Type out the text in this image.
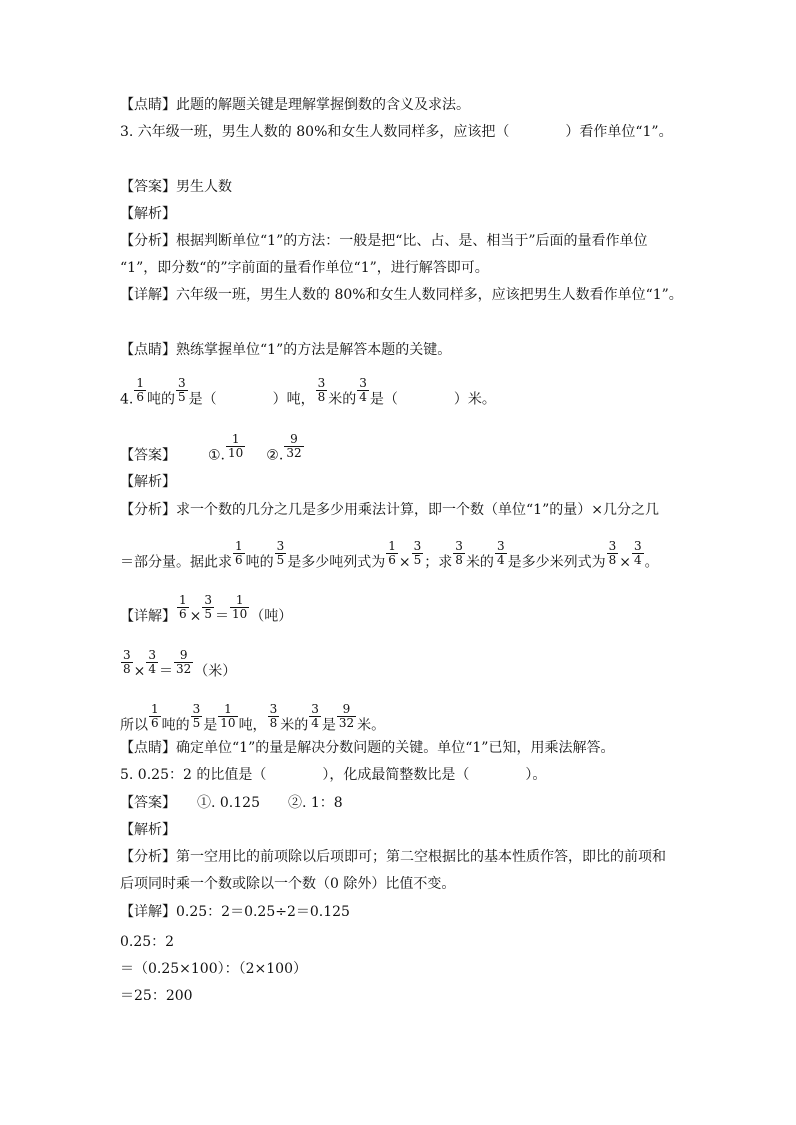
【点睛】此题的解题关键是理解掌握倒数的含义及求法。
3. 六年级一班，男生人数的 80%和女生人数同样多，应该把（　　　　）看作单位“1”。
【答案】男生人数
【解析】
【分析】根据判断单位“1”的方法：一般是把“比、占、是、相当于”后面的量看作单位
“1”，即分数“的”字前面的量看作单位“1”，进行解答即可。
【详解】六年级一班，男生人数的 80%和女生人数同样多，应该把男生人数看作单位“1”。
【点睛】熟练掌握单位“1”的方法是解答本题的关键。
4. $\frac{1}{6}$ 吨的 $\frac{3}{5}$ 是（　　　　）吨， $\frac{3}{8}$ 米的 $\frac{3}{4}$ 是（　　　　）米。
【答案】 ①. $\frac{1}{10}$ ②. $\frac{9}{32}$
【解析】
【分析】求一个数的几分之几是多少用乘法计算，即一个数（单位“1”的量）×几分之几
＝部分量。据此求 $\frac{1}{6}$ 吨的 $\frac{3}{5}$ 是多少吨列式为 $\frac{1}{6} \times \frac{3}{5}$ ；求 $\frac{3}{8}$ 米的 $\frac{3}{4}$ 是多少米列式为 $\frac{3}{8} \times \frac{3}{4}$ 。
【详解】 $\frac{1}{6} \times \frac{3}{5} = \frac{1}{10}$ （吨）
$\frac{3}{8} \times \frac{3}{4} = \frac{9}{32}$ （米）
所以 $\frac{1}{6}$ 吨的 $\frac{3}{5}$ 是 $\frac{1}{10}$ 吨， $\frac{3}{8}$ 米的 $\frac{3}{4}$ 是 $\frac{9}{32}$ 米。
【点睛】确定单位“1”的量是解决分数问题的关键。单位“1”已知，用乘法解答。
5. 0.25：2 的比值是（　　　　），化成最简整数比是（　　　　）。
【答案】　　①. 0.125　　②. 1：8
【解析】
【分析】第一空用比的前项除以后项即可；第二空根据比的基本性质作答，即比的前项和
后项同时乘一个数或除以一个数（0 除外）比值不变。
【详解】0.25：2＝0.25÷2＝0.125
0.25：2
＝（0.25×100）：（2×100）
＝25：200
